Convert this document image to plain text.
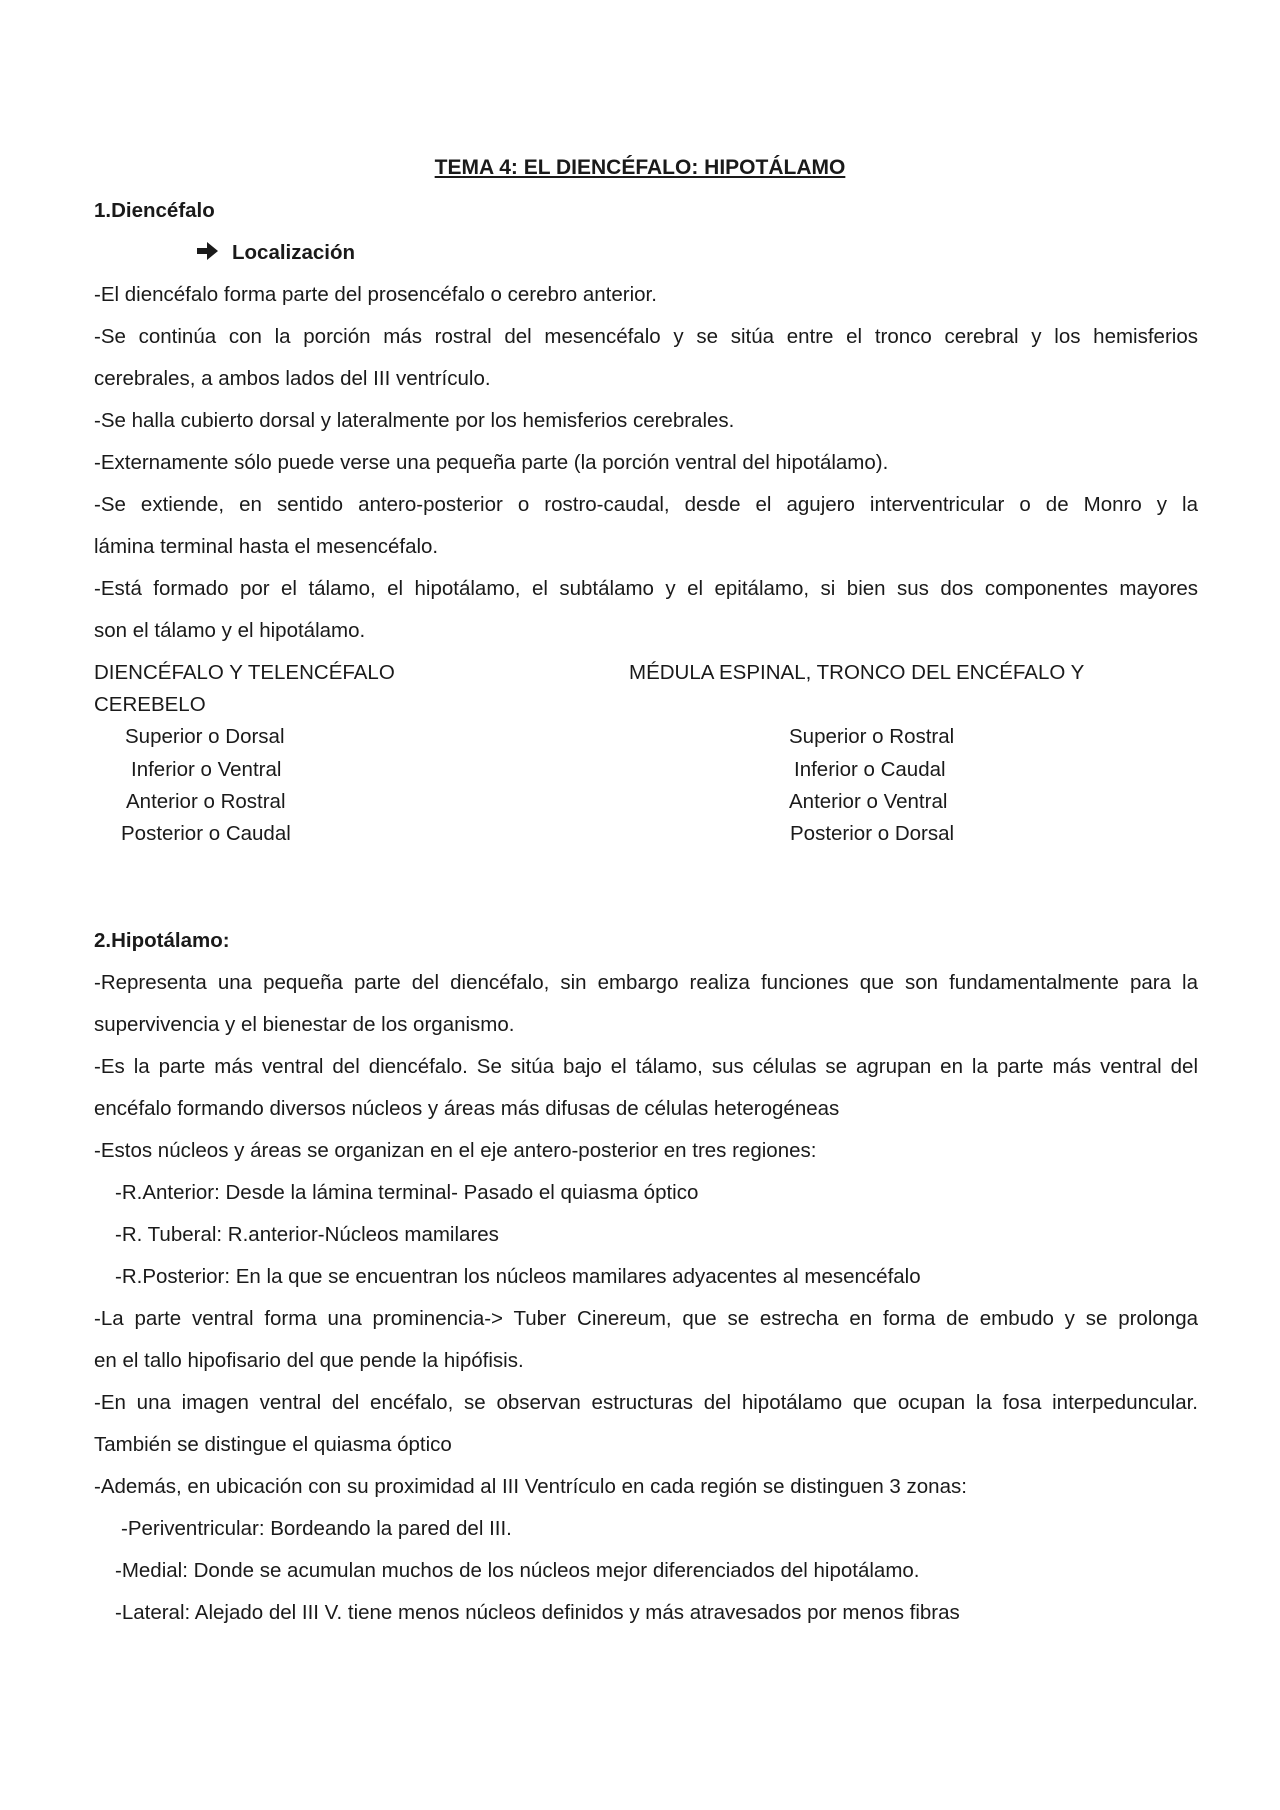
TEMA 4: EL DIENCÉFALO: HIPOTÁLAMO
1.Diencéfalo
Localización
-El diencéfalo forma parte del prosencéfalo o cerebro anterior.
-Se continúa con la porción más rostral del mesencéfalo y se sitúa entre el tronco cerebral y los hemisferios
cerebrales, a ambos lados del III ventrículo.
-Se halla cubierto dorsal y lateralmente por los hemisferios cerebrales.
-Externamente sólo puede verse una pequeña parte (la porción ventral del hipotálamo).
-Se extiende, en sentido antero-posterior o rostro-caudal, desde el agujero interventricular o de Monro y la
lámina terminal hasta el mesencéfalo.
-Está formado por el tálamo, el hipotálamo, el subtálamo y el epitálamo, si bien sus dos componentes mayores
son el tálamo y el hipotálamo.
DIENCÉFALO Y TELENCÉFALO	MÉDULA ESPINAL, TRONCO DEL ENCÉFALO Y
CEREBELO
Superior o Dorsal
Inferior o Ventral
Anterior o Rostral
Posterior o Caudal
Superior o Rostral
Inferior o Caudal
Anterior o Ventral
Posterior o Dorsal
2.Hipotálamo:
-Representa una pequeña parte del diencéfalo, sin embargo realiza funciones que son fundamentalmente para la
supervivencia y el bienestar de los organismo.
-Es la parte más ventral del diencéfalo. Se sitúa bajo el tálamo, sus células se agrupan en la parte más ventral del
encéfalo formando diversos núcleos y áreas más difusas de células heterogéneas
-Estos núcleos y áreas se organizan en el eje antero-posterior en tres regiones:
-R.Anterior: Desde la lámina terminal- Pasado el quiasma óptico
-R. Tuberal: R.anterior-Núcleos mamilares
-R.Posterior: En la que se encuentran los núcleos mamilares adyacentes al mesencéfalo
-La parte ventral forma una prominencia-> Tuber Cinereum, que se estrecha en forma de embudo y se prolonga
en el tallo hipofisario del que pende la hipófisis.
-En una imagen ventral del encéfalo, se observan estructuras del hipotálamo que ocupan la fosa interpeduncular.
También se distingue el quiasma óptico
-Además, en ubicación con su proximidad al III Ventrículo en cada región se distinguen 3 zonas:
-Periventricular: Bordeando la pared del III.
-Medial: Donde se acumulan muchos de los núcleos mejor diferenciados del hipotálamo.
-Lateral: Alejado del III V. tiene menos núcleos definidos y más atravesados por menos fibras
